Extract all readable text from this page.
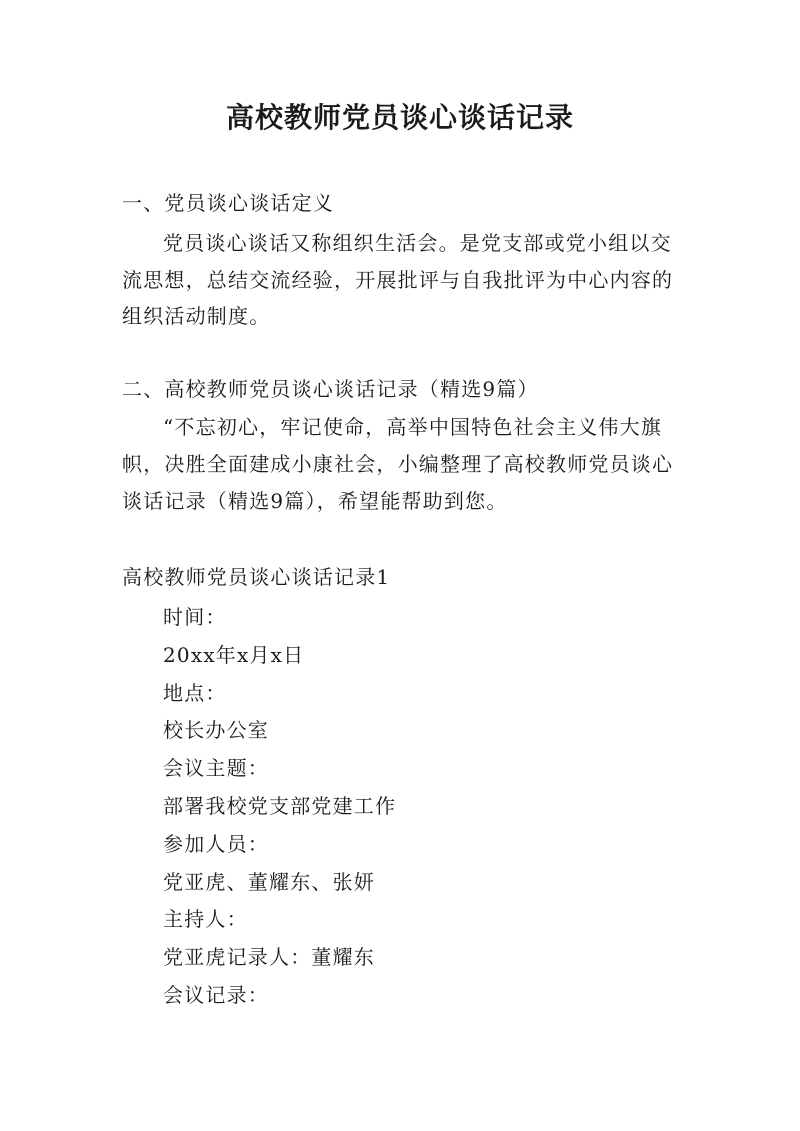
高校教师党员谈心谈话记录
一、党员谈心谈话定义
党员谈心谈话又称组织生活会。是党支部或党小组以交
流思想，总结交流经验，开展批评与自我批评为中心内容的
组织活动制度。
二、高校教师党员谈心谈话记录（精选9篇）
“不忘初心，牢记使命，高举中国特色社会主义伟大旗
帜，决胜全面建成小康社会，小编整理了高校教师党员谈心
谈话记录（精选9篇），希望能帮助到您。
高校教师党员谈心谈话记录1
时间：
20xx年x月x日
地点：
校长办公室
会议主题：
部署我校党支部党建工作
参加人员：
党亚虎、董耀东、张妍
主持人：
党亚虎记录人：董耀东
会议记录：
